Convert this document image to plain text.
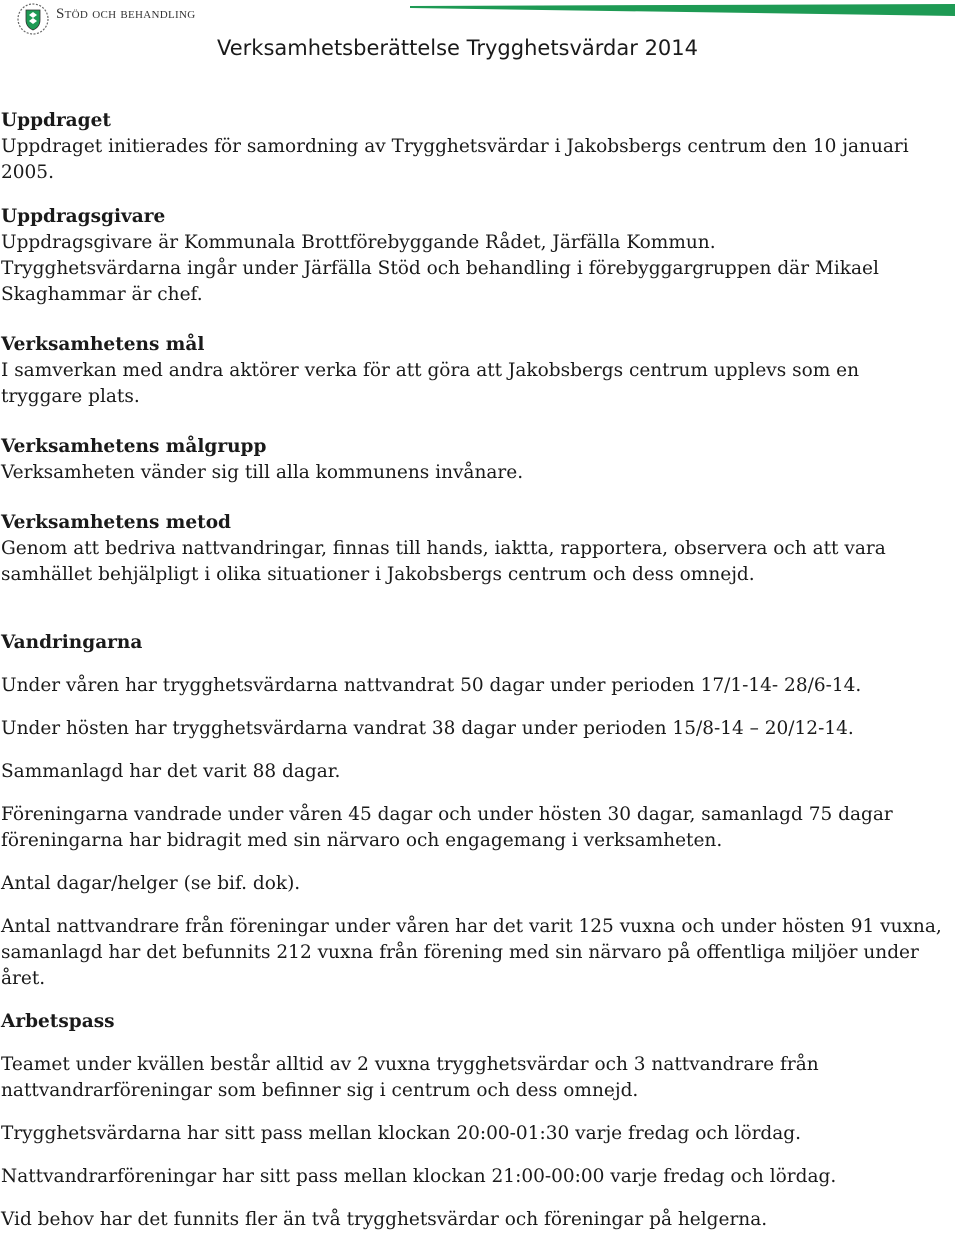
Stöd och behandling
Verksamhetsberättelse Trygghetsvärdar 2014

Uppdraget

Uppdraget initierades för samordning av Trygghetsvärdar i Jakobsbergs centrum den 10 januari 2005.

Uppdragsgivare

Uppdragsgivare är Kommunala Brottförebyggande Rådet, Järfälla Kommun.

Trygghetsvärdarna ingår under Järfälla Stöd och behandling i förebyggargruppen där Mikael Skaghammar är chef.

Verksamhetens mål

I samverkan med andra aktörer verka för att göra att Jakobsbergs centrum upplevs som en tryggare plats.

Verksamhetens målgrupp

Verksamheten vänder sig till alla kommunens invånare.

Verksamhetens metod

Genom att bedriva nattvandringar, finnas till hands, iaktta, rapportera, observera och att vara samhället behjälpligt i olika situationer i Jakobsbergs centrum och dess omnejd.

Vandringarna

Under våren har trygghetsvärdarna nattvandrat 50 dagar under perioden 17/1-14- 28/6-14.

Under hösten har trygghetsvärdarna vandrat 38 dagar under perioden 15/8-14 – 20/12-14.

Sammanlagd har det varit 88 dagar.

Föreningarna vandrade under våren 45 dagar och under hösten 30 dagar, samanlagd 75 dagar föreningarna har bidragit med sin närvaro och engagemang i verksamheten.

Antal dagar/helger (se bif. dok).

Antal nattvandrare från föreningar under våren har det varit 125 vuxna och under hösten 91 vuxna, samanlagd har det befunnits 212 vuxna från förening med sin närvaro på offentliga miljöer under året.

Arbetspass

Teamet under kvällen består alltid av 2 vuxna trygghetsvärdar och 3 nattvandrare från nattvandrarföreningar som befinner sig i centrum och dess omnejd.

Trygghetsvärdarna har sitt pass mellan klockan 20:00-01:30 varje fredag och lördag.

Nattvandrarföreningar har sitt pass mellan klockan 21:00-00:00 varje fredag och lördag.

Vid behov har det funnits fler än två trygghetsvärdar och föreningar på helgerna.
